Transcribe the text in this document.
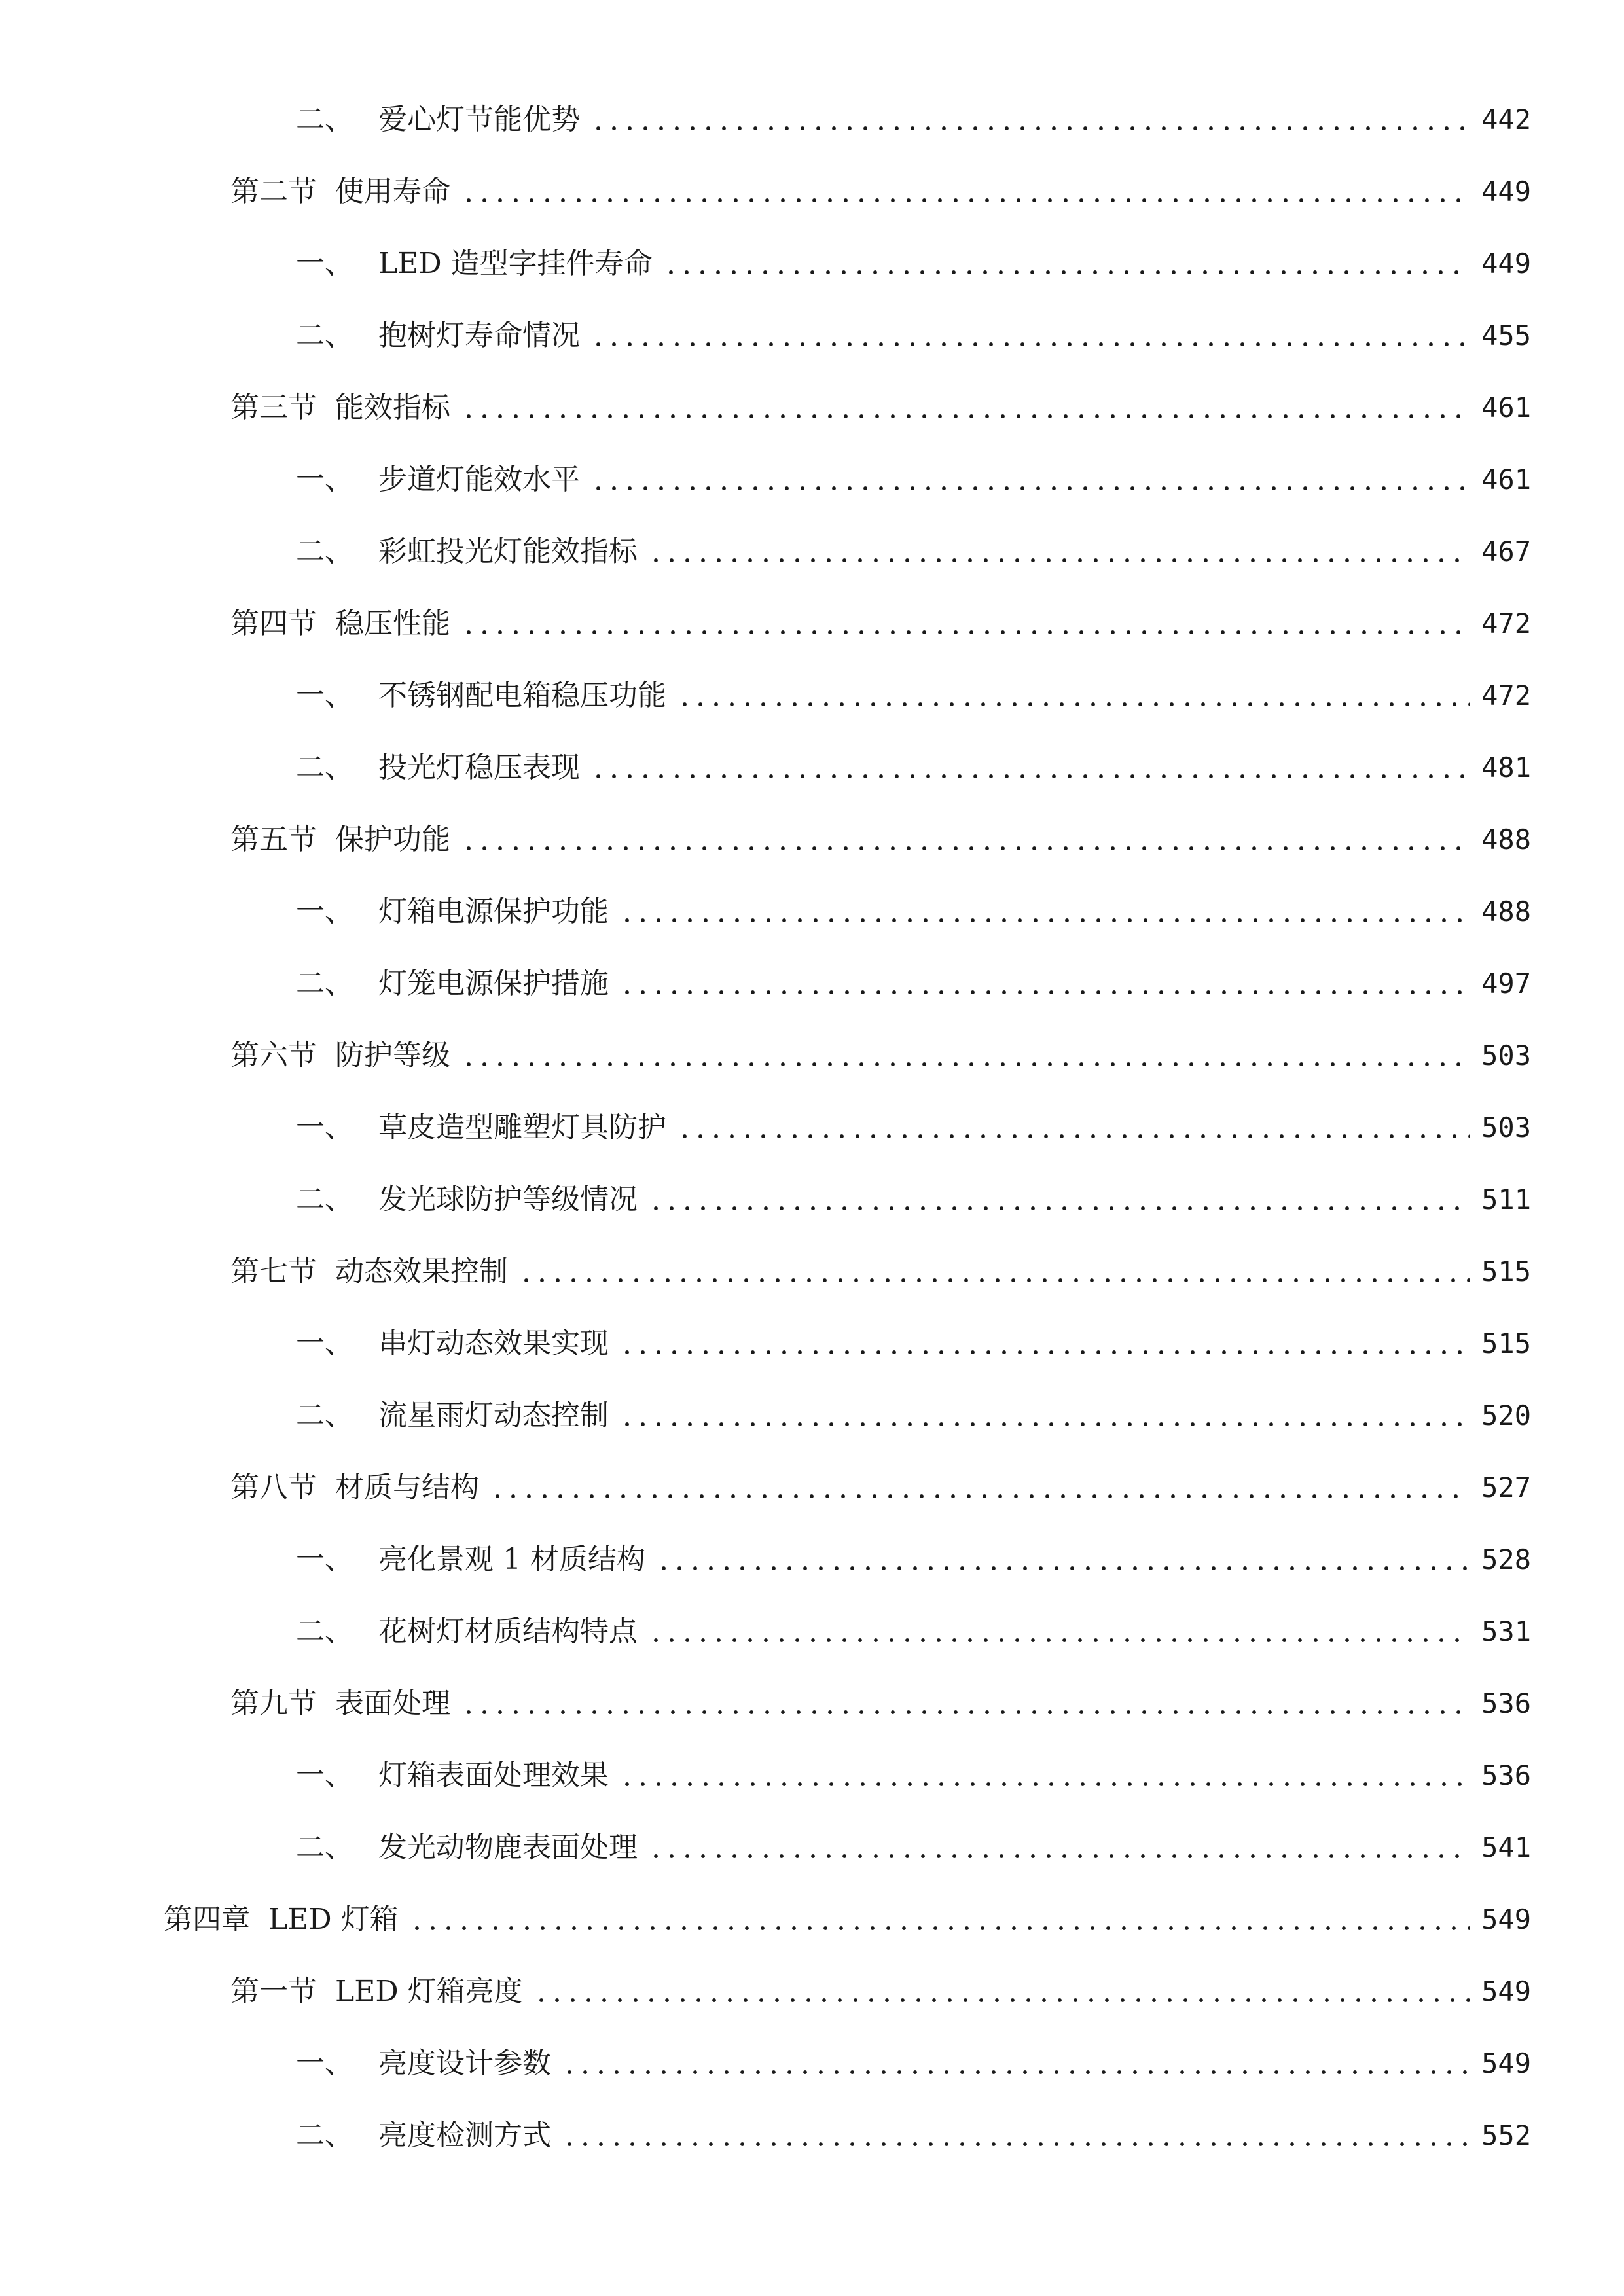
二、 爱心灯节能优势	442
第二节 使用寿命	449
一、 LED 造型字挂件寿命	449
二、 抱树灯寿命情况	455
第三节 能效指标	461
一、 步道灯能效水平	461
二、 彩虹投光灯能效指标	467
第四节 稳压性能	472
一、 不锈钢配电箱稳压功能	472
二、 投光灯稳压表现	481
第五节 保护功能	488
一、 灯箱电源保护功能	488
二、 灯笼电源保护措施	497
第六节 防护等级	503
一、 草皮造型雕塑灯具防护	503
二、 发光球防护等级情况	511
第七节 动态效果控制	515
一、 串灯动态效果实现	515
二、 流星雨灯动态控制	520
第八节 材质与结构	527
一、 亮化景观 1 材质结构	528
二、 花树灯材质结构特点	531
第九节 表面处理	536
一、 灯箱表面处理效果	536
二、 发光动物鹿表面处理	541
第四章 LED 灯箱	549
第一节 LED 灯箱亮度	549
一、 亮度设计参数	549
二、 亮度检测方式	552
